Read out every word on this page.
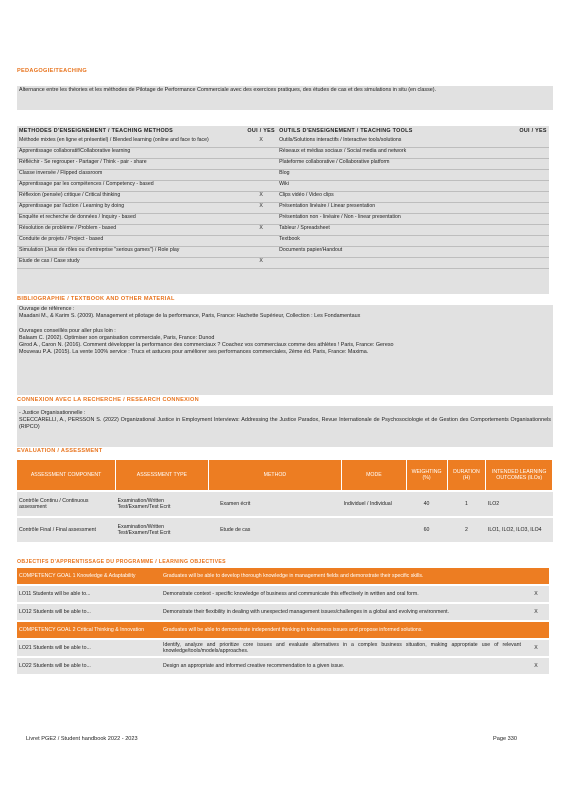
PEDAGOGIE/TEACHING
Alternance entre les théories et les méthodes de Pilotage de Performance Commerciale avec des exercices pratiques, des études de cas et des simulations in situ (en classe).
METHODES D'ENSEIGNEMENT / TEACHING METHODS	OUI / YES	OUTILS D'ENSEIGNEMENT / TEACHING TOOLS	OUI / YES
Méthode mixtes (en ligne et présentiel) / Blended learning (online and face to face)	X	Outils/Solutions interactifs / Interactive tools/solutions	
Apprentissage collaboratif/Collaborative learning		Réseaux et médias sociaux / Social media and network	
Réfléchir - Se regrouper - Partager / Think - pair - share		Plateforme collaborative / Collaborative platform	
Classe inversée / Flipped classroom		Blog	
Apprentissage par les compétences / Competency - based		Wiki	
Réflexion (pensée) critique / Critical thinking	X	Clips vidéo / Video clips	
Apprentissage par l'action / Learning by doing	X	Présentation linéaire / Linear presentation	
Enquête et recherche de données / Inquiry - based		Présentation non - linéaire / Non - linear presentation	
Résolution de problème / Problem - based	X	Tableur / Spreadsheet	
Conduite de projets / Project - based		Textbook	
Simulation (Jeux de rôles ou d'entreprise "serious games") / Role play		Documents papier/Handout	
Etude de cas / Case study	X		
BIBLIOGRAPHIE / TEXTBOOK AND OTHER MATERIAL
Ouvrage de référence :
Maadani M., & Karim S. (2009). Management et pilotage de la performance, Paris, France: Hachette Supérieur, Collection : Les Fondamentaux
Ouvrages conseillés pour aller plus loin :
Balaam C. (2002). Optimiser son organisation commerciale, Paris, France: Dunod
Girod A., Caron N. (2016). Comment développer la performance des commerciaux ? Coachez vos commerciaux comme des athlètes ! Paris, France: Gereso
Mouveau P.A. (2015). La vente 100% service : Trucs et astuces pour améliorer ses performances commerciales, 2ème éd. Paris, France: Maxima.
CONNEXION AVEC LA RECHERCHE / RESEARCH CONNEXION
- Justice Organisationnelle :
SCECCARELLI, A., PERSSON S. (2022) Organizational Justice in Employment Interviews: Addressing the Justice Paradox, Revue Internationale de Psychosociologie et de Gestion des Comportements Organisationnels (RIPCO)
EVALUATION / ASSESSMENT
ASSESSMENT COMPONENT	ASSESSMENT TYPE	METHOD	MODE	WEIGHTING (%)	DURATION (H)	INTENDED LEARNING OUTCOMES (ILOs)
Contrôle Continu / Continuous assessment	Examination/Written Test/Examen/Test Ecrit	Examen écrit	Individuel / Individual	40	1	ILO2
Contrôle Final / Final assessment	Examination/Written Test/Examen/Test Ecrit	Etude de cas		60	2	ILO1, ILO2, ILO3, ILO4
OBJECTIFS D'APPRENTISSAGE DU PROGRAMME / LEARNING OBJECTIVES
COMPETENCY GOAL 1 Knowledge & Adaptability	Graduates will be able to develop thorough knowledge in management fields and demonstrate their specific skills.	
LO11 Students will be able to...	Demonstrate context - specific knowledge of business and communicate this effectively in written and oral form.	X
LO12 Students will be able to...	Demonstrate their flexibility in dealing with unexpected management issues/challenges in a global and evolving environment.	X
COMPETENCY GOAL 2 Critical Thinking & Innovation	Graduates will be able to demonstrate independent thinking in tobusiness issues and propose informed solutions.	
LO21 Students will be able to...	Identify, analyze and prioritize core issues and evaluate alternatives in a complex business situation, making appropriate use of relevant knowledge/tools/models/approaches.	X
LO22 Students will be able to...	Design an appropriate and informed creative recommendation to a given issue.	X
Livret PGE2 / Student handbook 2022 - 2023	Page 330
